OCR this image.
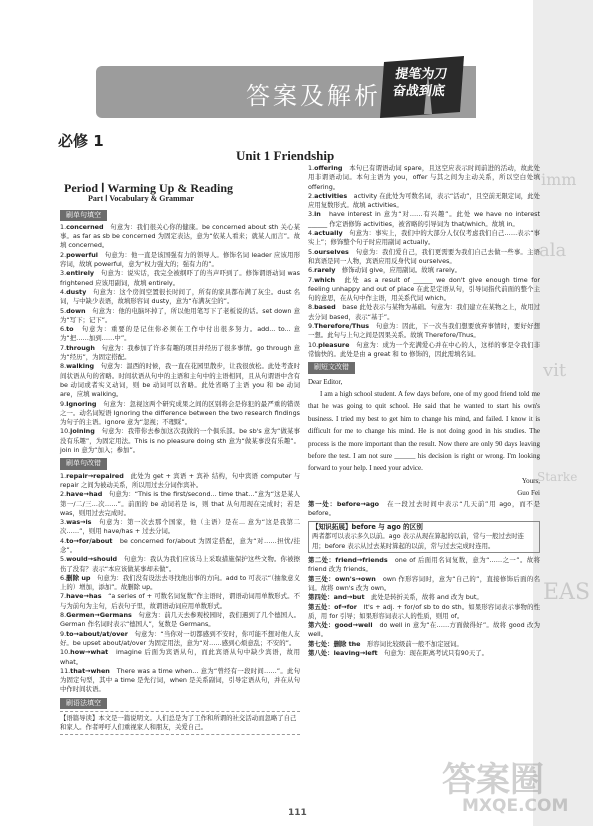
imm
ala
vit
Starke
EAS
答案及解析
提笔为刀
奋战到底
必修 1
Unit 1 Friendship
Period Ⅰ Warming Up & Reading
Part Ⅰ Vocabulary & Grammar
刷单句填空

1.concerned　 句意为：我们很关心你的健康。be concerned about sth 关心某事。as far as sb be concerned 为固定表达，意为“依某人看来；就某人而言”。故填 concerned。

2.powerful　 句意为：他一直是该国强有力的领导人。修饰名词 leader 应该用形容词，故填 powerful，意为“权力强大的；强有力的”。

3.entirely　 句意为：说实话，我完全被纲吓了的当声吓到了。修饰谓语动词 was frightened 应该用副词，故填 entirely。

4.dusty　 句意为：这个房间空置很长时间了，所有的家具都布满了灰尘。dust 名词，与中缺少表语，故填形容词 dusty，意为“布满灰尘的”。

5.down　 句意为：他的电脑坏掉了，所以他用笔写下了老板说的话。set down 意为“写下；记下”。

6.to　 句意为：重要的是记住你必须在工作中付出很多努力。add... to... 意为“把……加到……中”。

7.through　 句意为：我参加了许多有趣的项目并经历了很多事情。go through 意为“经历”，为固定搭配。

8.walking　 句意为：温西的时候，我一直在花园里散步，让我很放松。此处考查时间状语从句的省略。时间状语从句中的主语和主句中的主语相同，且从句谓语中含有 be 动词或者实义动词，则 be 动词可以省略。此处省略了主语 you 和 be 动词 are，应填 walking。

9.Ignoring　 句意为：忽视这两个研究成果之间的区别将会是你犯的最严重的错误之一。动名词短语 Ignoring the difference between the two research findings 为句子的主语。ignore 意为“忽视；不理睬”。

10.joining　 句意为：我带你去参加这次我做的一个俱乐部。be sb's 意为“做某事没有乐趣”，为固定用法。This is no pleasure doing sth 意为“做某事没有乐趣”。join in 意为“加入；参加”。

刷单句改错

1.repair→repaired　 此处为 get + 宾语 + 宾补 结构，句中宾语 computer 与 repair 之间为被动关系，所以用过去分词作宾补。

2.have→had　 句意为：“This is the first/second... time that...”意为“这是某人第一/二/三...次……”。前面的 be 动词若是 is，则 that 从句用现在完成时；若是 was，则用过去完成时。

3.was→is　 句意为：第一次去那个国家，他（主语）是在... 意为“这是我第二次……”，则用 have/has + 过去分词。

4.to→for/about　 be concerned for/about 为固定搭配，意为“对……担忧/挂念”。

5.would→should　 句意为：我认为我们应该马上采取措施保护这些文物。你被擦伤了没有？表示“本应该做某事却未做”。

6.删除 up　 句意为：我们没有设法去寻找他出事的方向。add to 可表示“（抽象意义上的）增加，添加”。故删除 up。

7.have→has　 “a series of + 可数名词复数”作主语时，谓语动词用单数形式。不与为前句为主句，后表句子里，故谓语动词应用单数形式。

8.Germen→Germans　 句意为：前几天去参观校园时，我们遇到了几个德国人。German 作名词时表示“德国人”，复数是 Germans。

9.to→about/at/over　 句意为：“当你对一切都感到不安时，你可能不想对他人友好。be upset about/at/over 为固定用法，意为“对……感到心烦意乱；不安的”。

10.how→what　 imagine 后面为宾语从句，而此宾语从句中缺少宾语，故用 what。

11.that→when　 There was a time when... 意为“曾经有一段时间……”。此句为固定句型，其中 a time 是先行词，when 是关系副词，引导定语从句，并在从句中作时间状语。

刷语法填空
【语篇导读】本文是一篇说明文。人们总是为了工作和所谓的社交活动而忽略了自己和家人。作者呼吁人们重视家人和朋友，关爱自己。

1.offering　 本句已有谓语动词 spare，且这空应表示时间前进的活动，故此处用非谓语动词。本句主语为 you，offer 与其之间为主动关系，所以空白处填 offering。

2.activities　 activity 在此处为可数名词，表示“活动”，且空前无限定词，此处应用复数形式。故填 activities。

3.in　 have interest in 意为“对……有兴趣”。此处 we have no interest ______ 作定语修饰 activities，被省略的引导词为 that/which。故填 in。

4.actually　 句意为：事实上，我们中的大部分人仅仅考虑我们自己……表示“事实上”；修饰整个句子时应用副词 actually。

5.ourselves　 句意为：我们爱自己，我们更需要为我们自己去做一些事。主语和宾语是同一人物，宾语应用反身代词 ourselves。

6.rarely　 修饰动词 give，应用副词。故填 rarely。

7.which　 此处 as a result of ______ we don't give enough time for feeling unhappy and out of place 在此是定语从句，引导词指代前面的整个主句的意思，在从句中作主语，用关系代词 which。

8.based　 base 此处表示与某物为基础。句意为：我们建立在某物之上，故用过去分词 based，表示“基于”。

9.Therefore/Thus　 句意为：因此，下一次当我们想要放弃事情时，要好好想一想。此句与上句之间是因果关系。故填 Therefore/Thus。

10.pleasure　 句意为：成为一个充满爱心并在中心的人，这样的事是令我们非常愉快的。此处是由 a great 和 to 修饰的，因此需填名词。

刷短文改错
Dear Editor,
I am a high school student. A few days before, one of my good friend told me that he was going to quit school. He said that he wanted to start his own's business. I tried my best to get him to change his mind, and failed. I know it is difficult for me to change his mind. He is not doing good in his studies. The process is the more important than the result. Now there are only 90 days leaving before the test. I am not sure ______ his decision is right or wrong. I'm looking forward to your help. I need your advice.
Yours,
Guo Fei

第一处：before→ago　 在一段过去时间中表示“几天前”用 ago，而不是 before。

【知识拓展】before 与 ago 的区别
两者都可以表示多久以前。ago 表示从现在算起的以前，常与一般过去时连用；before 表示从过去某时算起的以前，常与过去完成时连用。

第二处：friend→friends　 one of 后面用名词复数，意为“……之一”。故将 friend 改为 friends。

第三处：own's→own　 own 作形容词时，意为“自己的”，直接修饰后面的名词。故将 own's 改为 own。

第四处：and→but　 此处是转折关系，故将 and 改为 but。

第五处：of→for　 It's + adj. + for/of sb to do sth。如果形容词表示事物的性质，用 for 引导；如果形容词表示人的性质，则用 of。

第六处：good→well　 do well in 意为“在……方面做得好”。故将 good 改为 well。

第七处：删除 the　 形容词比较级前一般不加定冠词。

第八处：leaving→left　 句意为：现在距离考试只有90天了。

111
答案圈
MXQE.COM
